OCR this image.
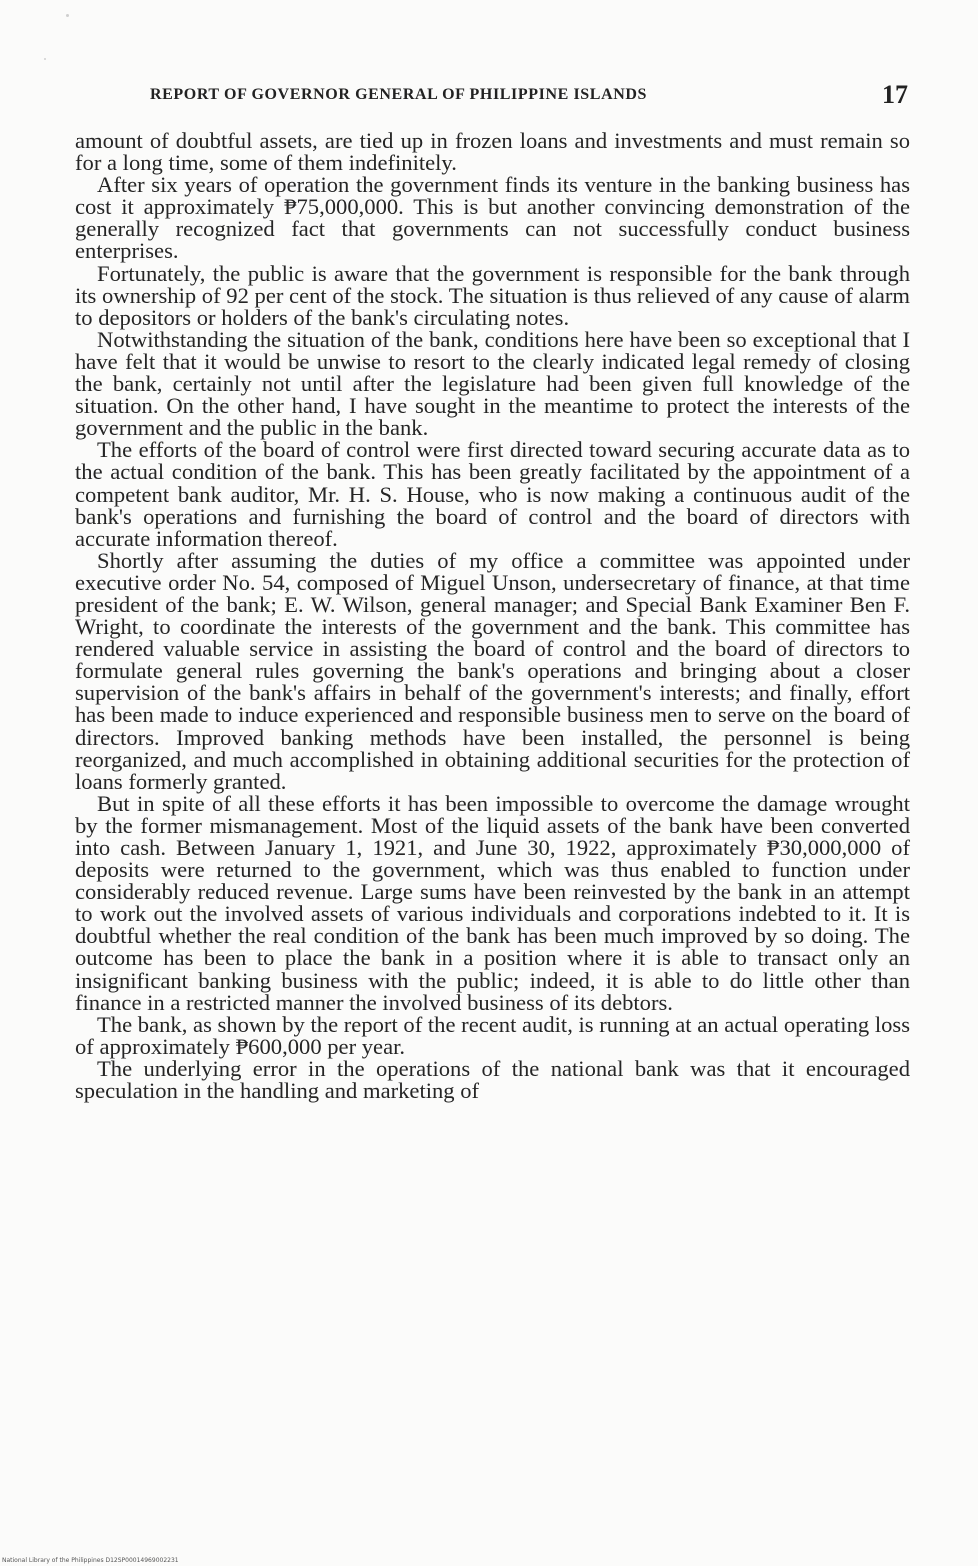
REPORT OF GOVERNOR GENERAL OF PHILIPPINE ISLANDS	17

amount of doubtful assets, are tied up in frozen loans and investments and must remain so for a long time, some of them indefinitely.

After six years of operation the government finds its venture in the banking business has cost it approximately ₱75,000,000. This is but another convincing demonstration of the generally recognized fact that governments can not successfully conduct business enterprises.

Fortunately, the public is aware that the government is responsible for the bank through its ownership of 92 per cent of the stock. The situation is thus relieved of any cause of alarm to depositors or holders of the bank's circulating notes.

Notwithstanding the situation of the bank, conditions here have been so exceptional that I have felt that it would be unwise to resort to the clearly indicated legal remedy of closing the bank, certainly not until after the legislature had been given full knowledge of the situation. On the other hand, I have sought in the meantime to protect the interests of the government and the public in the bank.

The efforts of the board of control were first directed toward securing accurate data as to the actual condition of the bank. This has been greatly facilitated by the appointment of a competent bank auditor, Mr. H. S. House, who is now making a continuous audit of the bank's operations and furnishing the board of control and the board of directors with accurate information thereof.

Shortly after assuming the duties of my office a committee was appointed under executive order No. 54, composed of Miguel Unson, undersecretary of finance, at that time president of the bank; E. W. Wilson, general manager; and Special Bank Examiner Ben F. Wright, to coordinate the interests of the government and the bank. This committee has rendered valuable service in assisting the board of control and the board of directors to formulate general rules governing the bank's operations and bringing about a closer supervision of the bank's affairs in behalf of the government's interests; and finally, effort has been made to induce experienced and responsible business men to serve on the board of directors. Improved banking methods have been installed, the personnel is being reorganized, and much accomplished in obtaining additional securities for the protection of loans formerly granted.

But in spite of all these efforts it has been impossible to overcome the damage wrought by the former mismanagement. Most of the liquid assets of the bank have been converted into cash. Between January 1, 1921, and June 30, 1922, approximately ₱30,000,000 of deposits were returned to the government, which was thus enabled to function under considerably reduced revenue. Large sums have been reinvested by the bank in an attempt to work out the involved assets of various individuals and corporations indebted to it. It is doubtful whether the real condition of the bank has been much improved by so doing. The outcome has been to place the bank in a position where it is able to transact only an insignificant banking business with the public; indeed, it is able to do little other than finance in a restricted manner the involved business of its debtors.

The bank, as shown by the report of the recent audit, is running at an actual operating loss of approximately ₱600,000 per year.

The underlying error in the operations of the national bank was that it encouraged speculation in the handling and marketing of

National Library of the Philippines D12SP00014969002231
